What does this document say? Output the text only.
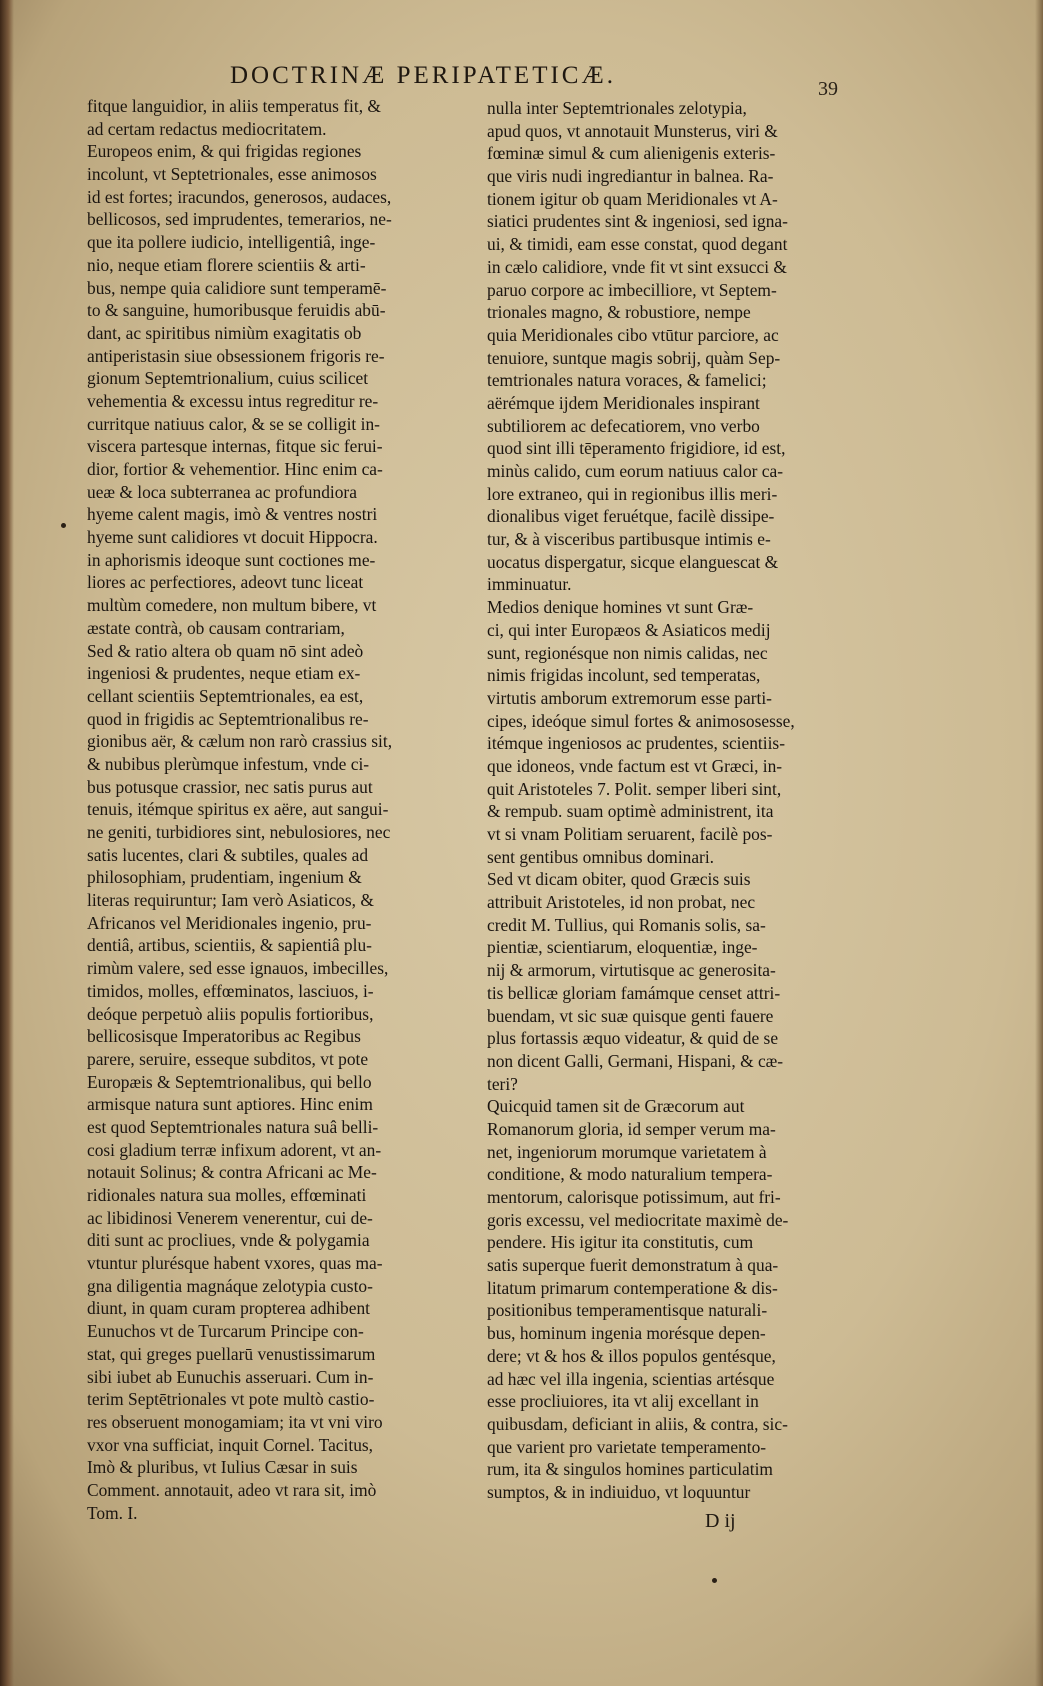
DOCTRINÆ PERIPATETICÆ.	39
fitque languidior, in aliis temperatus fit, &
ad certam redactus mediocritatem.
Europeos enim, & qui frigidas regiones
incolunt, vt Septetrionales, esse animosos
id est fortes; iracundos, generosos, audaces,
bellicosos, sed imprudentes, temerarios, ne-
que ita pollere iudicio, intelligentiâ, inge-
nio, neque etiam florere scientiis & arti-
bus, nempe quia calidiore sunt temperamē-
to & sanguine, humoribusque feruidis abū-
dant, ac spiritibus nimiùm exagitatis ob
antiperistasin siue obsessionem frigoris re-
gionum Septemtrionalium, cuius scilicet
vehementia & excessu intus regreditur re-
curritque natiuus calor, & se se colligit in-
viscera partesque internas, fitque sic ferui-
dior, fortior & vehementior. Hinc enim ca-
ueæ & loca subterranea ac profundiora
hyeme calent magis, imò & ventres nostri
hyeme sunt calidiores vt docuit Hippocra.
in aphorismis ideoque sunt coctiones me-
liores ac perfectiores, adeovt tunc liceat
multùm comedere, non multum bibere, vt
æstate contrà, ob causam contrariam,
Sed & ratio altera ob quam nō sint adeò
ingeniosi & prudentes, neque etiam ex-
cellant scientiis Septemtrionales, ea est,
quod in frigidis ac Septemtrionalibus re-
gionibus aër, & cælum non rarò crassius sit,
& nubibus plerùmque infestum, vnde ci-
bus potusque crassior, nec satis purus aut
tenuis, itémque spiritus ex aëre, aut sangui-
ne geniti, turbidiores sint, nebulosiores, nec
satis lucentes, clari & subtiles, quales ad
philosophiam, prudentiam, ingenium &
literas requiruntur; Iam verò Asiaticos, &
Africanos vel Meridionales ingenio, pru-
dentiâ, artibus, scientiis, & sapientiâ plu-
rimùm valere, sed esse ignauos, imbecilles,
timidos, molles, effœminatos, lasciuos, i-
deóque perpetuò aliis populis fortioribus,
bellicosisque Imperatoribus ac Regibus
parere, seruire, esseque subditos, vt pote
Europæis & Septemtrionalibus, qui bello
armisque natura sunt aptiores. Hinc enim
est quod Septemtrionales natura suâ belli-
cosi gladium terræ infixum adorent, vt an-
notauit Solinus; & contra Africani ac Me-
ridionales natura sua molles, effœminati
ac libidinosi Venerem venerentur, cui de-
diti sunt ac procliues, vnde & polygamia
vtuntur plurésque habent vxores, quas ma-
gna diligentia magnáque zelotypia custo-
diunt, in quam curam propterea adhibent
Eunuchos vt de Turcarum Principe con-
stat, qui greges puellarū venustissimarum
sibi iubet ab Eunuchis asseruari. Cum in-
terim Septētrionales vt pote multò castio-
res obseruent monogamiam; ita vt vni viro
vxor vna sufficiat, inquit Cornel. Tacitus,
Imò & pluribus, vt Iulius Cæsar in suis
Comment. annotauit, adeo vt rara sit, imò
Tom. I.
nulla inter Septemtrionales zelotypia,
apud quos, vt annotauit Munsterus, viri &
fœminæ simul & cum alienigenis exteris-
que viris nudi ingrediantur in balnea. Ra-
tionem igitur ob quam Meridionales vt A-
siatici prudentes sint & ingeniosi, sed igna-
ui, & timidi, eam esse constat, quod degant
in cælo calidiore, vnde fit vt sint exsucci &
paruo corpore ac imbecilliore, vt Septem-
trionales magno, & robustiore, nempe
quia Meridionales cibo vtūtur parciore, ac
tenuiore, suntque magis sobrij, quàm Sep-
temtrionales natura voraces, & famelici;
aërémque ijdem Meridionales inspirant
subtiliorem ac defecatiorem, vno verbo
quod sint illi tēperamento frigidiore, id est,
minùs calido, cum eorum natiuus calor ca-
lore extraneo, qui in regionibus illis meri-
dionalibus viget feruétque, facilè dissipe-
tur, & à visceribus partibusque intimis e-
uocatus dispergatur, sicque elanguescat &
imminuatur.
Medios denique homines vt sunt Græ-
ci, qui inter Europæos & Asiaticos medij
sunt, regionésque non nimis calidas, nec
nimis frigidas incolunt, sed temperatas,
virtutis amborum extremorum esse parti-
cipes, ideóque simul fortes & animososesse,
itémque ingeniosos ac prudentes, scientiis-
que idoneos, vnde factum est vt Græci, in-
quit Aristoteles 7. Polit. semper liberi sint,
& rempub. suam optimè administrent, ita
vt si vnam Politiam seruarent, facilè pos-
sent gentibus omnibus dominari.
Sed vt dicam obiter, quod Græcis suis
attribuit Aristoteles, id non probat, nec
credit M. Tullius, qui Romanis solis, sa-
pientiæ, scientiarum, eloquentiæ, inge-
nij & armorum, virtutisque ac generosita-
tis bellicæ gloriam famámque censet attri-
buendam, vt sic suæ quisque genti fauere
plus fortassis æquo videatur, & quid de se
non dicent Galli, Germani, Hispani, & cæ-
teri?
Quicquid tamen sit de Græcorum aut
Romanorum gloria, id semper verum ma-
net, ingeniorum morumque varietatem à
conditione, & modo naturalium tempera-
mentorum, calorisque potissimum, aut fri-
goris excessu, vel mediocritate maximè de-
pendere. His igitur ita constitutis, cum
satis superque fuerit demonstratum à qua-
litatum primarum contemperatione & dis-
positionibus temperamentisque naturali-
bus, hominum ingenia morésque depen-
dere; vt & hos & illos populos gentésque,
ad hæc vel illa ingenia, scientias artésque
esse procliuiores, ita vt alij excellant in
quibusdam, deficiant in aliis, & contra, sic-
que varient pro varietate temperamento-
rum, ita & singulos homines particulatim
sumptos, & in indiuiduo, vt loquuntur
D ij
